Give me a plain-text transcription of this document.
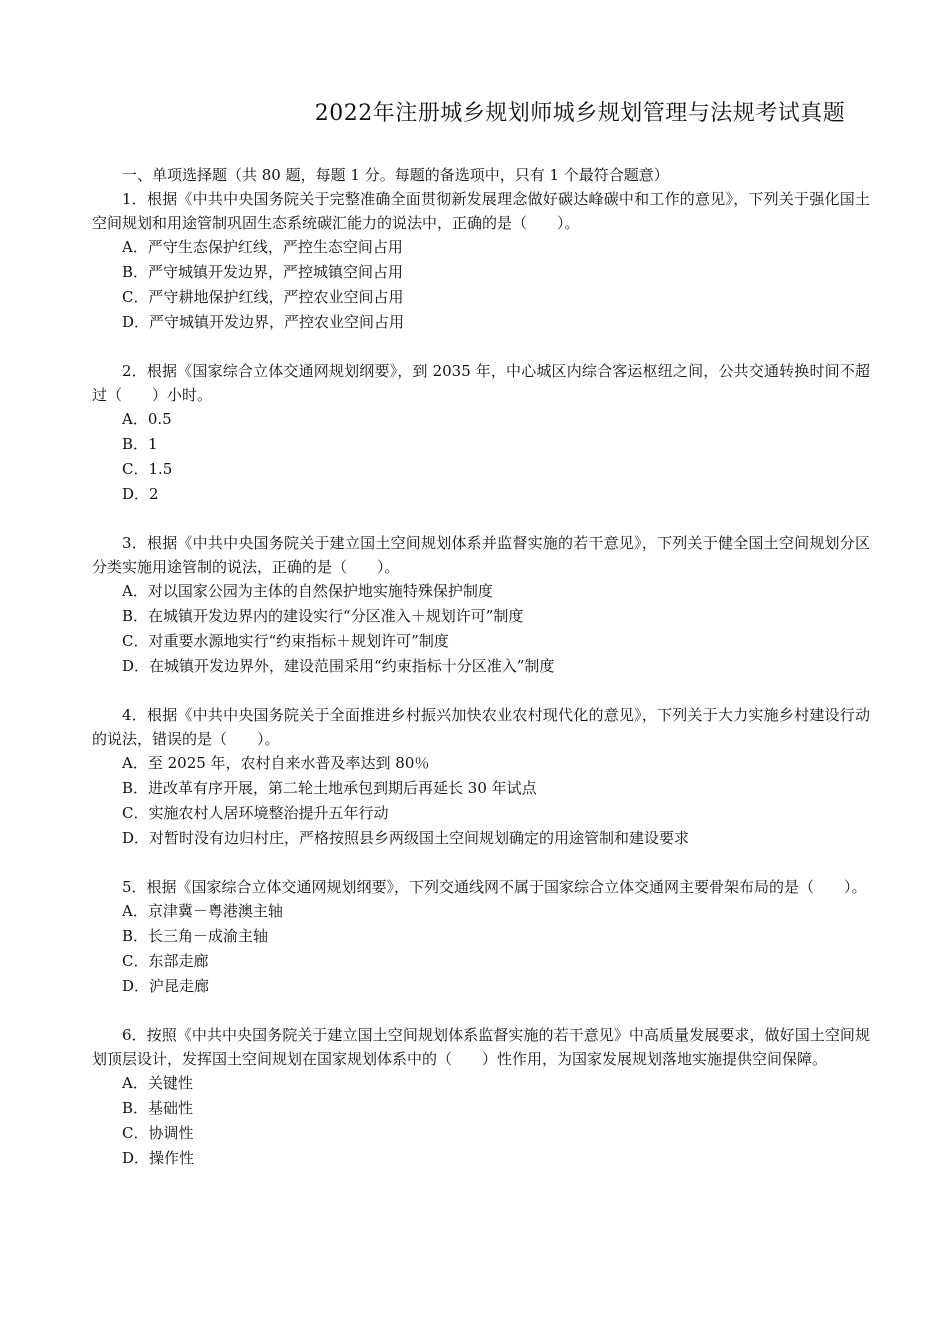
2022年注册城乡规划师城乡规划管理与法规考试真题

一、单项选择题（共 80 题，每题 1 分。每题的备选项中，只有 1 个最符合题意）

1．根据《中共中央国务院关于完整准确全面贯彻新发展理念做好碳达峰碳中和工作的意见》，下列关于强化国土空间规划和用途管制巩固生态系统碳汇能力的说法中，正确的是（　　）。

A．严守生态保护红线，严控生态空间占用

B．严守城镇开发边界，严控城镇空间占用

C．严守耕地保护红线，严控农业空间占用

D．严守城镇开发边界，严控农业空间占用

2．根据《国家综合立体交通网规划纲要》，到 2035 年，中心城区内综合客运枢纽之间，公共交通转换时间不超过（　　）小时。

A．0.5

B．1

C．1.5

D．2

3．根据《中共中央国务院关于建立国土空间规划体系并监督实施的若干意见》，下列关于健全国土空间规划分区分类实施用途管制的说法，正确的是（　　）。

A．对以国家公园为主体的自然保护地实施特殊保护制度

B．在城镇开发边界内的建设实行“分区准入＋规划许可”制度

C．对重要水源地实行“约束指标＋规划许可”制度

D．在城镇开发边界外，建设范围采用“约束指标十分区准入”制度

4．根据《中共中央国务院关于全面推进乡村振兴加快农业农村现代化的意见》，下列关于大力实施乡村建设行动的说法，错误的是（　　）。

A．至 2025 年，农村自来水普及率达到 80％

B．进改革有序开展，第二轮土地承包到期后再延长 30 年试点

C．实施农村人居环境整治提升五年行动

D．对暂时没有边归村庄，严格按照县乡两级国土空间规划确定的用途管制和建设要求

5．根据《国家综合立体交通网规划纲要》，下列交通线网不属于国家综合立体交通网主要骨架布局的是（　　）。

A．京津冀－粤港澳主轴

B．长三角－成渝主轴

C．东部走廊

D．沪昆走廊

6．按照《中共中央国务院关于建立国土空间规划体系监督实施的若干意见》中高质量发展要求，做好国土空间规划顶层设计，发挥国土空间规划在国家规划体系中的（　　）性作用，为国家发展规划落地实施提供空间保障。

A．关键性

B．基础性

C．协调性

D．操作性
